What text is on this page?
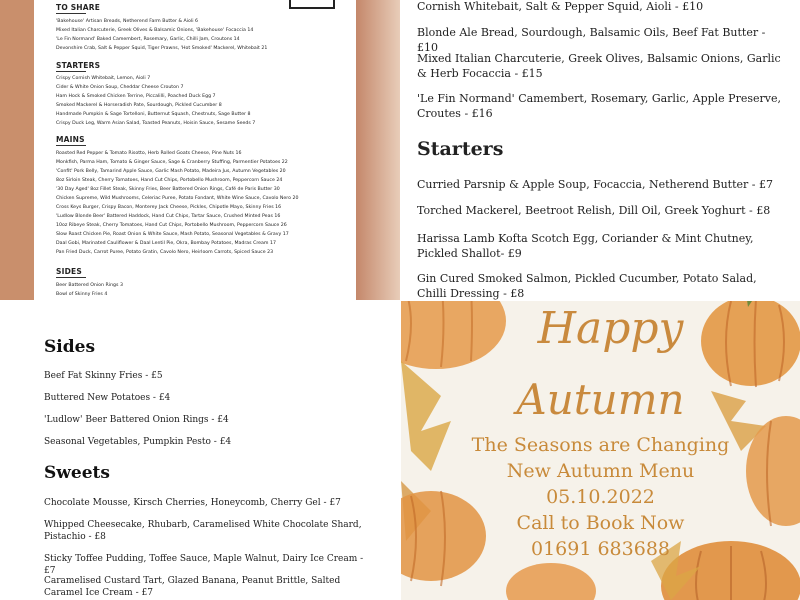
TO SHARE
'Bakehouse' Artisan Breads, Netherend Farm Butter & Aioli 6
Mixed Italian Charcuterie, Greek Olives & Balsamic Onions, 'Bakehouse' Focaccia 14
'Le Fin Normand' Baked Camembert, Rosemary, Garlic, Chilli Jam, Croutons 14
Devonshire Crab, Salt & Pepper Squid, Tiger Prawns, 'Hot Smoked' Mackerel, Whitebait 21
STARTERS
Crispy Cornish Whitebait, Lemon, Aioli 7
Cider & White Onion Soup, Cheddar Cheese Crouton 7
Ham Hock & Smoked Chicken Terrine, Piccalilli, Poached Duck Egg 7
Smoked Mackerel & Horseradish Pate, Sourdough, Pickled Cucumber 8
Handmade Pumpkin & Sage Tortelloni, Butternut Squash, Chestnuts, Sage Butter 8
Crispy Duck Leg, Warm Asian Salad, Toasted Peanuts, Hoisin Sauce, Sesame Seeds 7
MAINS
Roasted Red Pepper & Tomato Risotto, Herb Rolled Goats Cheese, Pine Nuts 16
Monkfish, Parma Ham, Tomato & Ginger Sauce, Sage & Cranberry Stuffing, Parmentier Potatoes 22
'Confit' Pork Belly, Tamarind Apple Sauce, Garlic Mash Potato, Madeira Jus, Autumn Vegetables 20
8oz Sirloin Steak, Cherry Tomatoes, Hand Cut Chips, Portobello Mushroom, Peppercorn Sauce 24
'30 Day Aged' 8oz Fillet Steak, Skinny Fries, Beer Battered Onion Rings, Café de Paris Butter 30
Chicken Supreme, Wild Mushrooms, Celeriac Puree, Potato Fondant, White Wine Sauce, Cavolo Nero 20
Cross Keys Burger, Crispy Bacon, Monterey Jack Cheese, Pickles, Chipotle Mayo, Skinny Fries 16
'Ludlow Blonde Beer' Battered Haddock, Hand Cut Chips, Tartar Sauce, Crushed Minted Peas 16
10oz Ribeye Steak, Cherry Tomatoes, Hand Cut Chips, Portobello Mushroom, Peppercorn Sauce 26
Slow Roast Chicken Pie, Roast Onion & White Sauce, Mash Potato, Seasonal Vegetables & Gravy 17
Daal Gobi, Marinated Cauliflower & Daal Lentil Pie, Okra, Bombay Potatoes, Madras Cream 17
Pan Fried Duck, Carrot Puree, Potato Gratin, Cavolo Nero, Heirloom Carrots, Spiced Sauce 23
SIDES
Beer Battered Onion Rings 3
Bowl of Skinny Fries 4
Cornish Whitebait, Salt & Pepper Squid, Aioli - £10
Blonde Ale Bread, Sourdough, Balsamic Oils, Beef Fat Butter - £10
Mixed Italian Charcuterie, Greek Olives, Balsamic Onions, Garlic & Herb Focaccia - £15
'Le Fin Normand' Camembert, Rosemary, Garlic, Apple Preserve, Croutes - £16
Starters
Curried Parsnip & Apple Soup, Focaccia, Netherend Butter - £7
Torched Mackerel, Beetroot Relish, Dill Oil, Greek Yoghurt - £8
Harissa Lamb Kofta Scotch Egg, Coriander & Mint Chutney, Pickled Shallot- £9
Gin Cured Smoked Salmon, Pickled Cucumber, Potato Salad, Chilli Dressing - £8
Sides
Beef Fat Skinny Fries - £5
Buttered New Potatoes - £4
'Ludlow' Beer Battered Onion Rings - £4
Seasonal Vegetables, Pumpkin Pesto - £4
Sweets
Chocolate Mousse, Kirsch Cherries, Honeycomb, Cherry Gel - £7
Whipped Cheesecake, Rhubarb, Caramelised White Chocolate Shard, Pistachio - £8
Sticky Toffee Pudding, Toffee Sauce, Maple Walnut, Dairy Ice Cream - £7
Caramelised Custard Tart, Glazed Banana, Peanut Brittle, Salted Caramel Ice Cream - £7
Happy
Autumn
The Seasons are Changing
New Autumn Menu
05.10.2022
Call to Book Now
01691 683688
